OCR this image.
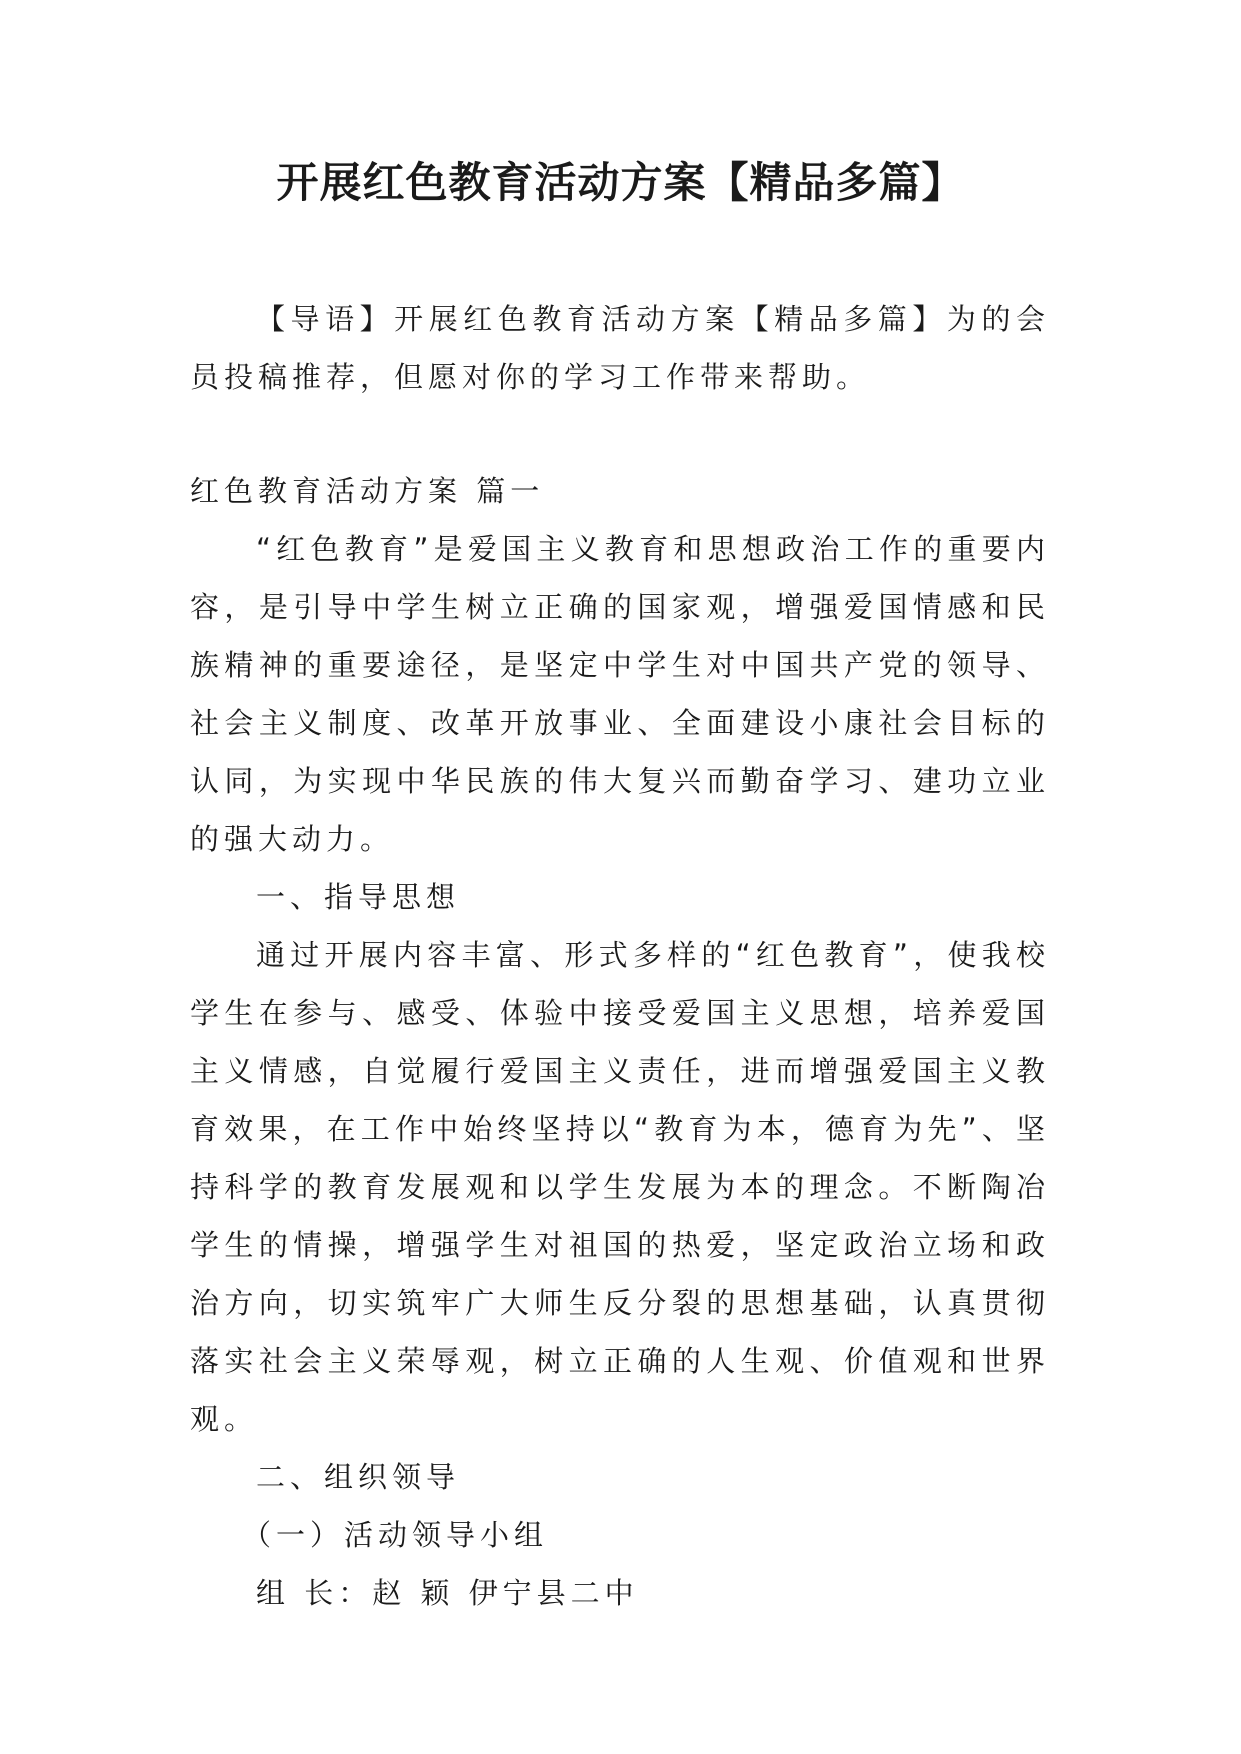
开展红色教育活动方案【精品多篇】

【导语】开展红色教育活动方案【精品多篇】为的会员投稿推荐，但愿对你的学习工作带来帮助。

红色教育活动方案 篇一

“红色教育”是爱国主义教育和思想政治工作的重要内容，是引导中学生树立正确的国家观，增强爱国情感和民族精神的重要途径，是坚定中学生对中国共产党的领导、社会主义制度、改革开放事业、全面建设小康社会目标的认同，为实现中华民族的伟大复兴而勤奋学习、建功立业的强大动力。

一、指导思想

通过开展内容丰富、形式多样的“红色教育”，使我校学生在参与、感受、体验中接受爱国主义思想，培养爱国主义情感，自觉履行爱国主义责任，进而增强爱国主义教育效果，在工作中始终坚持以“教育为本，德育为先”、坚持科学的教育发展观和以学生发展为本的理念。不断陶冶学生的情操，增强学生对祖国的热爱，坚定政治立场和政治方向，切实筑牢广大师生反分裂的思想基础，认真贯彻落实社会主义荣辱观，树立正确的人生观、价值观和世界观。

二、组织领导

（一）活动领导小组

组 长：赵 颖 伊宁县二中
